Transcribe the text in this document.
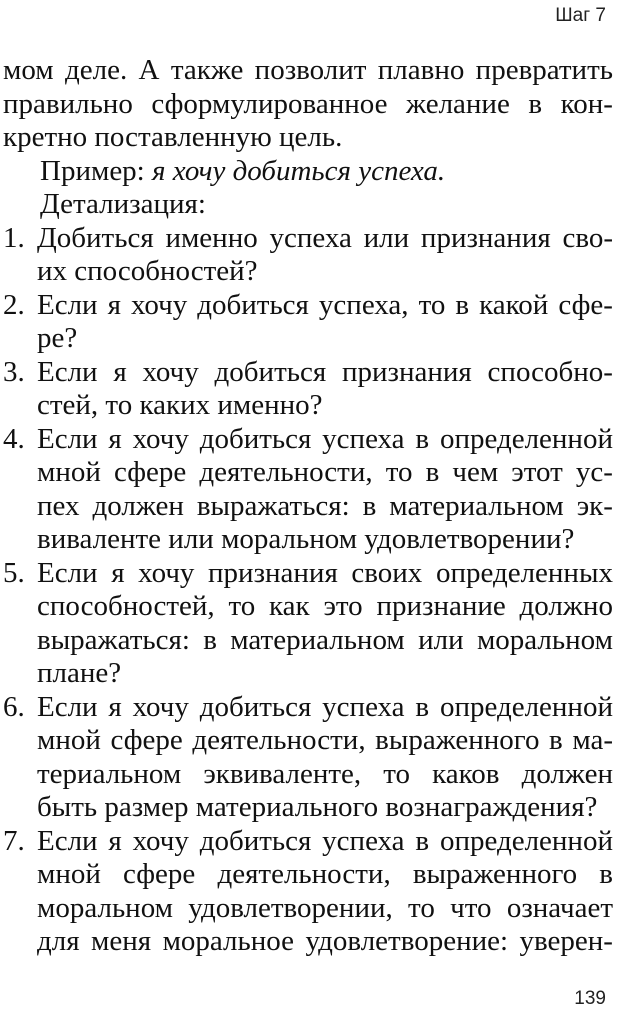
Шаг 7
мом деле. А также позволит плавно превратить
правильно сформулированное желание в кон-
кретно поставленную цель.
Пример: я хочу добиться успеха.
Детализация:
1. Добиться именно успеха или признания сво-
их способностей?
2. Если я хочу добиться успеха, то в какой сфе-
ре?
3. Если я хочу добиться признания способно-
стей, то каких именно?
4. Если я хочу добиться успеха в определенной
мной сфере деятельности, то в чем этот ус-
пех должен выражаться: в материальном эк-
виваленте или моральном удовлетворении?
5. Если я хочу признания своих определенных
способностей, то как это признание должно
выражаться: в материальном или моральном
плане?
6. Если я хочу добиться успеха в определенной
мной сфере деятельности, выраженного в ма-
териальном эквиваленте, то каков должен
быть размер материального вознаграждения?
7. Если я хочу добиться успеха в определенной
мной сфере деятельности, выраженного в
моральном удовлетворении, то что означает
для меня моральное удовлетворение: уверен-
139
